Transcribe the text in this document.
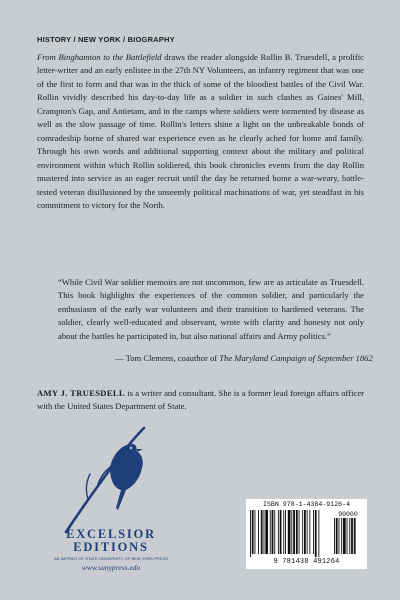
HISTORY / NEW YORK / BIOGRAPHY
From Binghamton to the Battlefield draws the reader alongside Rollin B. Truesdell, a prolific letter-writer and an early enlistee in the 27th NY Volunteers, an infantry regiment that was one of the first to form and that was in the thick of some of the bloodiest battles of the Civil War. Rollin vividly described his day-to-day life as a soldier in such clashes as Gaines' Mill, Crampton's Gap, and Antietam, and in the camps where soldiers were tormented by disease as well as the slow passage of time. Rollin's letters shine a light on the unbreakable bonds of comradeship borne of shared war experience even as he clearly ached for home and family. Through his own words and additional supporting context about the military and political environment within which Rollin soldiered, this book chronicles events from the day Rollin mustered into service as an eager recruit until the day he returned home a war-weary, battle-tested veteran disillusioned by the unseemly political machinations of war, yet steadfast in his commitment to victory for the North.
“While Civil War soldier memoirs are not uncommon, few are as articulate as Truesdell. This book highlights the experiences of the common soldier, and particularly the enthusiasm of the early war volunteers and their transition to hardened veterans. The soldier, clearly well-educated and observant, wrote with clarity and honesty not only about the battles he participated in, but also national affairs and Army politics.”
— Tom Clemens, coauthor of The Maryland Campaign of September 1862
AMY J. TRUESDELL is a writer and consultant. She is a former lead foreign affairs officer with the United States Department of State.
EXCELSIOR
EDITIONS
AN IMPRINT OF STATE UNIVERSITY OF NEW YORK PRESS
www.sunypress.edu
ISBN 978-1-4384-9126-4
90000
9 781438 491264
